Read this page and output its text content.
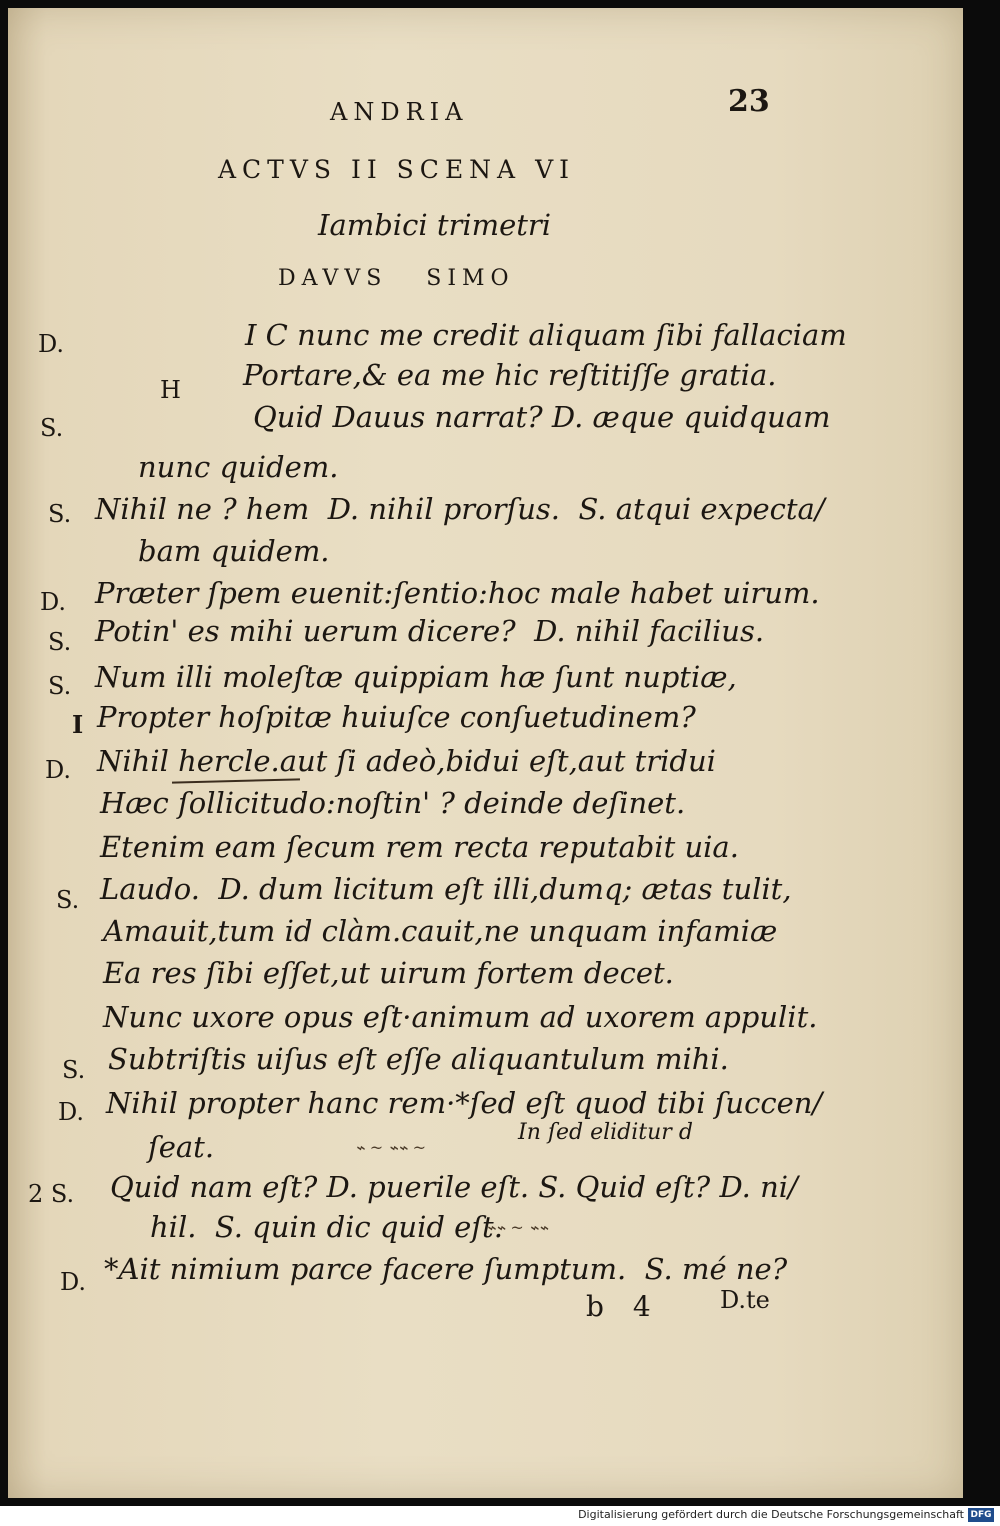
ANDRIA	23
ACTVS II SCENA VI
Iambici trimetri
DAVVS   SIMO
D.	I C nunc me credit aliquam ſibi fallaciam
H Portare,& ea me hic reſtitiſſe gratia.
S.	Quid Dauus narrat? D. æque quidquam
nunc quidem.
S. Nihil ne ? hem  D. nihil prorſus.  S. atqui expecta/
bam quidem.
D. Præter ſpem euenit:ſentio:hoc male habet uirum.
S. Potin' es mihi uerum dicere?  D. nihil facilius.
S. Num illi moleſtæ quippiam hæ ſunt nuptiæ,
I Propter hoſpitæ huiuſce conſuetudinem?
D. Nihil hercle.aut ſi adeò,bidui eſt,aut tridui
Hæc ſollicitudo:noſtin' ? deinde deſinet.
Etenim eam ſecum rem recta reputabit uia.
S. Laudo.  D. dum licitum eſt illi,dumq; ætas tulit,
Amauit,tum id clàm.cauit,ne unquam infamiæ
Ea res ſibi eſſet,ut uirum fortem decet.
Nunc uxore opus eſt·animum ad uxorem appulit.
S. Subtriſtis uiſus eſt eſſe aliquantulum mihi.
D. Nihil propter hanc rem·*ſed eſt quod tibi ſuccen/
ſeat.	⌁ ~ ⌁⌁ ~
In ſed eliditur d
2 S. Quid nam eſt? D. puerile eſt. S. Quid eſt? D. ni/
hil.  S. quin dic quid eſt.
⌁⌁ ~ ⌁⌁
D. *Ait nimium parce facere ſumptum.  S. mé ne?
b 4	D.te
Digitalisierung gefördert durch die Deutsche Forschungsgemeinschaft DFG
